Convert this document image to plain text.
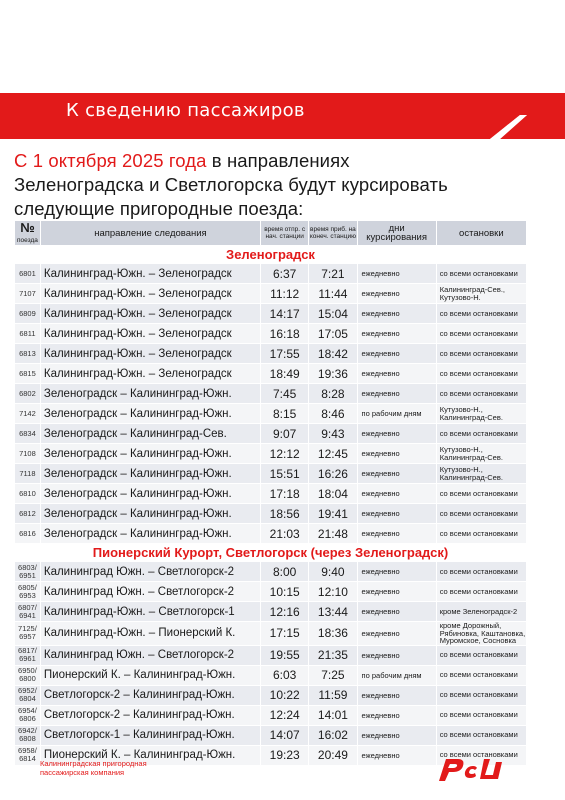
К сведению пассажиров
С 1 октября 2025 года в направлениях
Зеленоградска и Светлогорска будут курсировать
следующие пригородные поезда:
№
поезда	направление следования	время отпр. с нач. станции	время приб. на конеч. станцию	дни курсирования	остановки
Зеленоградск					
6801	Калининград-Южн. – Зеленоградск	6:37	7:21	ежедневно	со всеми остановками
7107	Калининград-Южн. – Зеленоградск	11:12	11:44	ежедневно	Калининград-Сев., Кутузово-Н.
6809	Калининград-Южн. – Зеленоградск	14:17	15:04	ежедневно	со всеми остановками
6811	Калининград-Южн. – Зеленоградск	16:18	17:05	ежедневно	со всеми остановками
6813	Калининград-Южн. – Зеленоградск	17:55	18:42	ежедневно	со всеми остановками
6815	Калининград-Южн. – Зеленоградск	18:49	19:36	ежедневно	со всеми остановками
6802	Зеленоградск – Калининград-Южн.	7:45	8:28	ежедневно	со всеми остановками
7142	Зеленоградск – Калининград-Южн.	8:15	8:46	по рабочим дням	Кутузово-Н., Калининград-Сев.
6834	Зеленоградск – Калининград-Сев.	9:07	9:43	ежедневно	со всеми остановками
7108	Зеленоградск – Калининград-Южн.	12:12	12:45	ежедневно	Кутузово-Н., Калининград-Сев.
7118	Зеленоградск – Калининград-Южн.	15:51	16:26	ежедневно	Кутузово-Н., Калининград-Сев.
6810	Зеленоградск – Калининград-Южн.	17:18	18:04	ежедневно	со всеми остановками
6812	Зеленоградск – Калининград-Южн.	18:56	19:41	ежедневно	со всеми остановками
6816	Зеленоградск – Калининград-Южн.	21:03	21:48	ежедневно	со всеми остановками
Пионерский Курорт, Светлогорск (через Зеленоградск)					
6803/ 6951	Калининград Южн. – Светлогорск-2	8:00	9:40	ежедневно	со всеми остановками
6805/ 6953	Калининград Южн. – Светлогорск-2	10:15	12:10	ежедневно	со всеми остановками
6807/ 6941	Калининград-Южн. – Светлогорск-1	12:16	13:44	ежедневно	кроме Зеленоградск-2
7125/ 6957	Калининград-Южн. – Пионерский К.	17:15	18:36	ежедневно	кроме Дорожный, Рябиновка, Каштановка, Муромское, Сосновка
6817/ 6961	Калининград Южн. – Светлогорск-2	19:55	21:35	ежедневно	со всеми остановками
6950/ 6800	Пионерский К. – Калининград-Южн.	6:03	7:25	по рабочим дням	со всеми остановками
6952/ 6804	Светлогорск-2 – Калининград-Южн.	10:22	11:59	ежедневно	со всеми остановками
6954/ 6806	Светлогорск-2 – Калининград-Южн.	12:24	14:01	ежедневно	со всеми остановками
6942/ 6808	Светлогорск-1 – Калининград-Южн.	14:07	16:02	ежедневно	со всеми остановками
6958/ 6814	Пионерский К. – Калининград-Южн.	19:23	20:49	ежедневно	со всеми остановками
Калининградская пригородная
пассажирская компания
